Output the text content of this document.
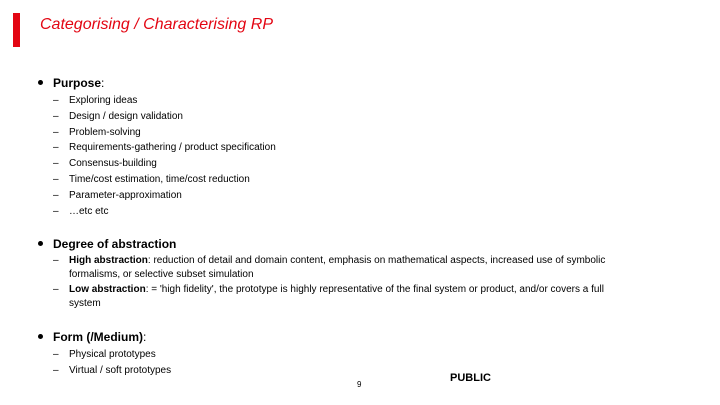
Categorising / Characterising RP
Purpose:
– Exploring ideas
– Design / design validation
– Problem-solving
– Requirements-gathering / product specification
– Consensus-building
– Time/cost estimation, time/cost reduction
– Parameter-approximation
– …etc etc
Degree of abstraction
– High abstraction: reduction of detail and domain content, emphasis on mathematical aspects, increased use of symbolic
formalisms, or selective subset simulation
– Low abstraction: = 'high fidelity', the prototype is highly representative of the final system or product, and/or covers a full
system
Form (/Medium):
– Physical prototypes
– Virtual / soft prototypes
9
PUBLIC
